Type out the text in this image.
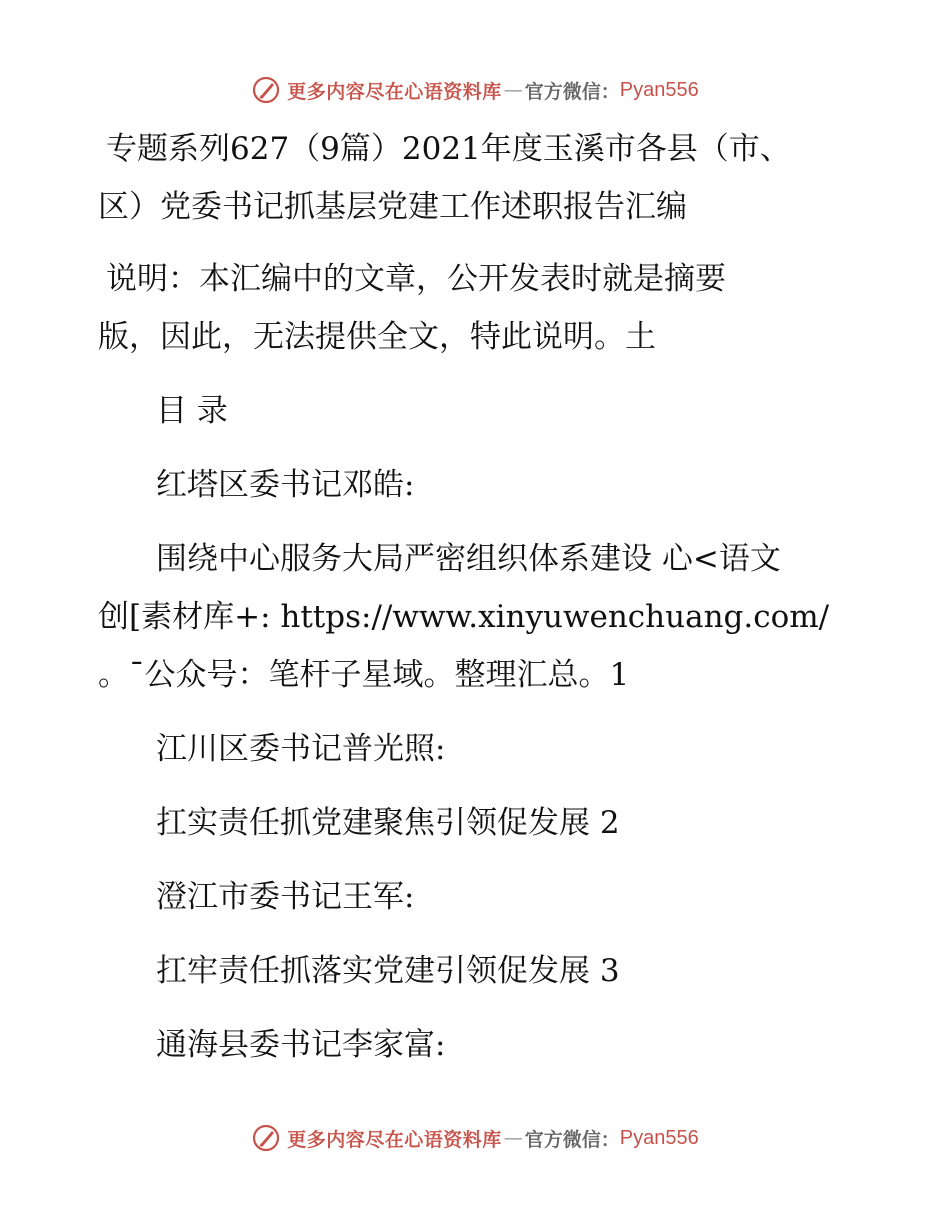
更多内容尽在心语资料库 — 官方微信： Pyan556

专题系列627（9篇）2021年度玉溪市各县（市、

区）党委书记抓基层党建工作述职报告汇编

说明：本汇编中的文章，公开发表时就是摘要

版，因此，无法提供全文，特此说明。土

目 录

红塔区委书记邓皓:

围绕中心服务大局严密组织体系建设 心<语文

创[素材库+: https://www.xinyuwenchuang.com/

。¯公众号：笔杆子星域。整理汇总。1

江川区委书记普光照:

扛实责任抓党建聚焦引领促发展 2

澄江市委书记王军:

扛牢责任抓落实党建引领促发展 3

通海县委书记李家富:

更多内容尽在心语资料库 — 官方微信： Pyan556
